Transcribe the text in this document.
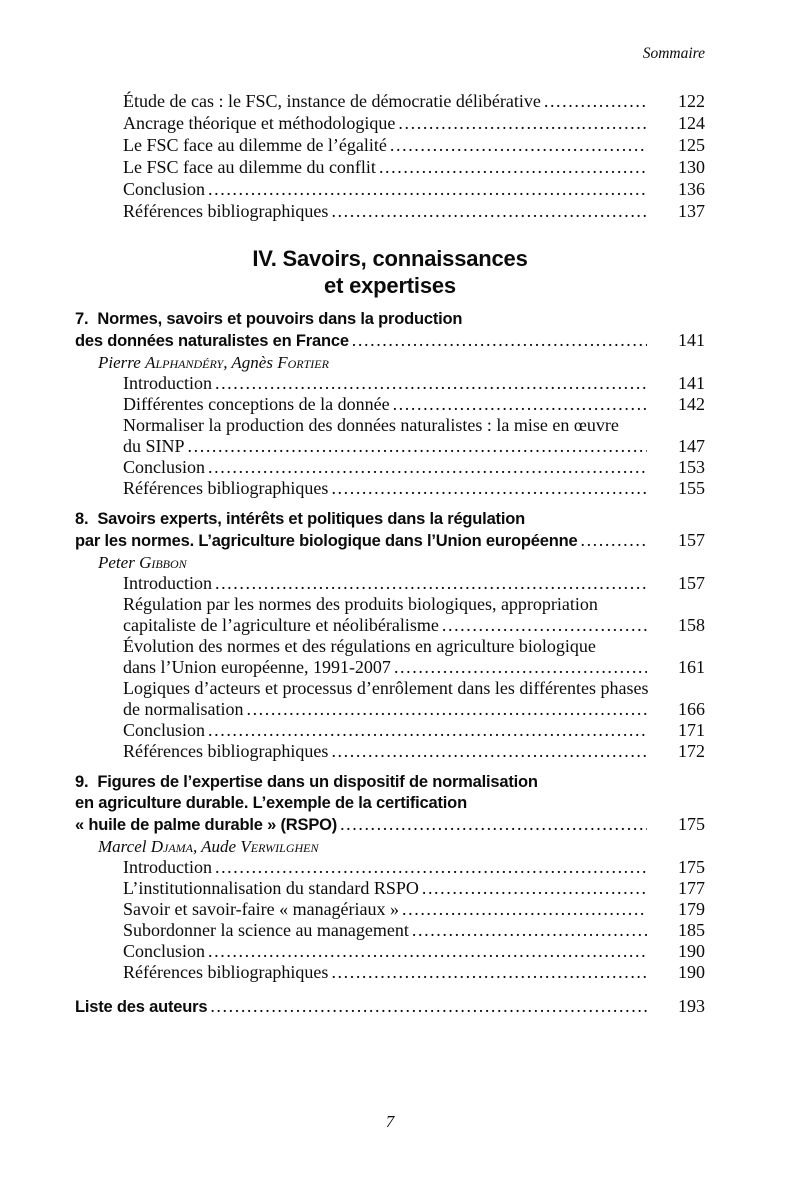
Sommaire
Étude de cas : le FSC, instance de démocratie délibérative .....	122
Ancrage théorique et méthodologique .....	124
Le FSC face au dilemme de l’égalité .....	125
Le FSC face au dilemme du conflit .....	130
Conclusion .....	136
Références bibliographiques .....	137
IV. Savoirs, connaissances
et expertises
7. Normes, savoirs et pouvoirs dans la production
des données naturalistes en France .....	141
Pierre Alphandéry, Agnès Fortier
Introduction .....	141
Différentes conceptions de la donnée .....	142
Normaliser la production des données naturalistes : la mise en œuvre
du SINP .....	147
Conclusion .....	153
Références bibliographiques .....	155
8. Savoirs experts, intérêts et politiques dans la régulation
par les normes. L’agriculture biologique dans l’Union européenne .....	157
Peter Gibbon
Introduction .....	157
Régulation par les normes des produits biologiques, appropriation
capitaliste de l’agriculture et néolibéralisme .....	158
Évolution des normes et des régulations en agriculture biologique
dans l’Union européenne, 1991-2007 .....	161
Logiques d’acteurs et processus d’enrôlement dans les différentes phases
de normalisation .....	166
Conclusion .....	171
Références bibliographiques .....	172
9. Figures de l’expertise dans un dispositif de normalisation
en agriculture durable. L’exemple de la certification
« huile de palme durable » (RSPO) .....	175
Marcel Djama, Aude Verwilghen
Introduction .....	175
L’institutionnalisation du standard RSPO .....	177
Savoir et savoir-faire « managériaux » .....	179
Subordonner la science au management .....	185
Conclusion .....	190
Références bibliographiques .....	190
Liste des auteurs .....	193
7
